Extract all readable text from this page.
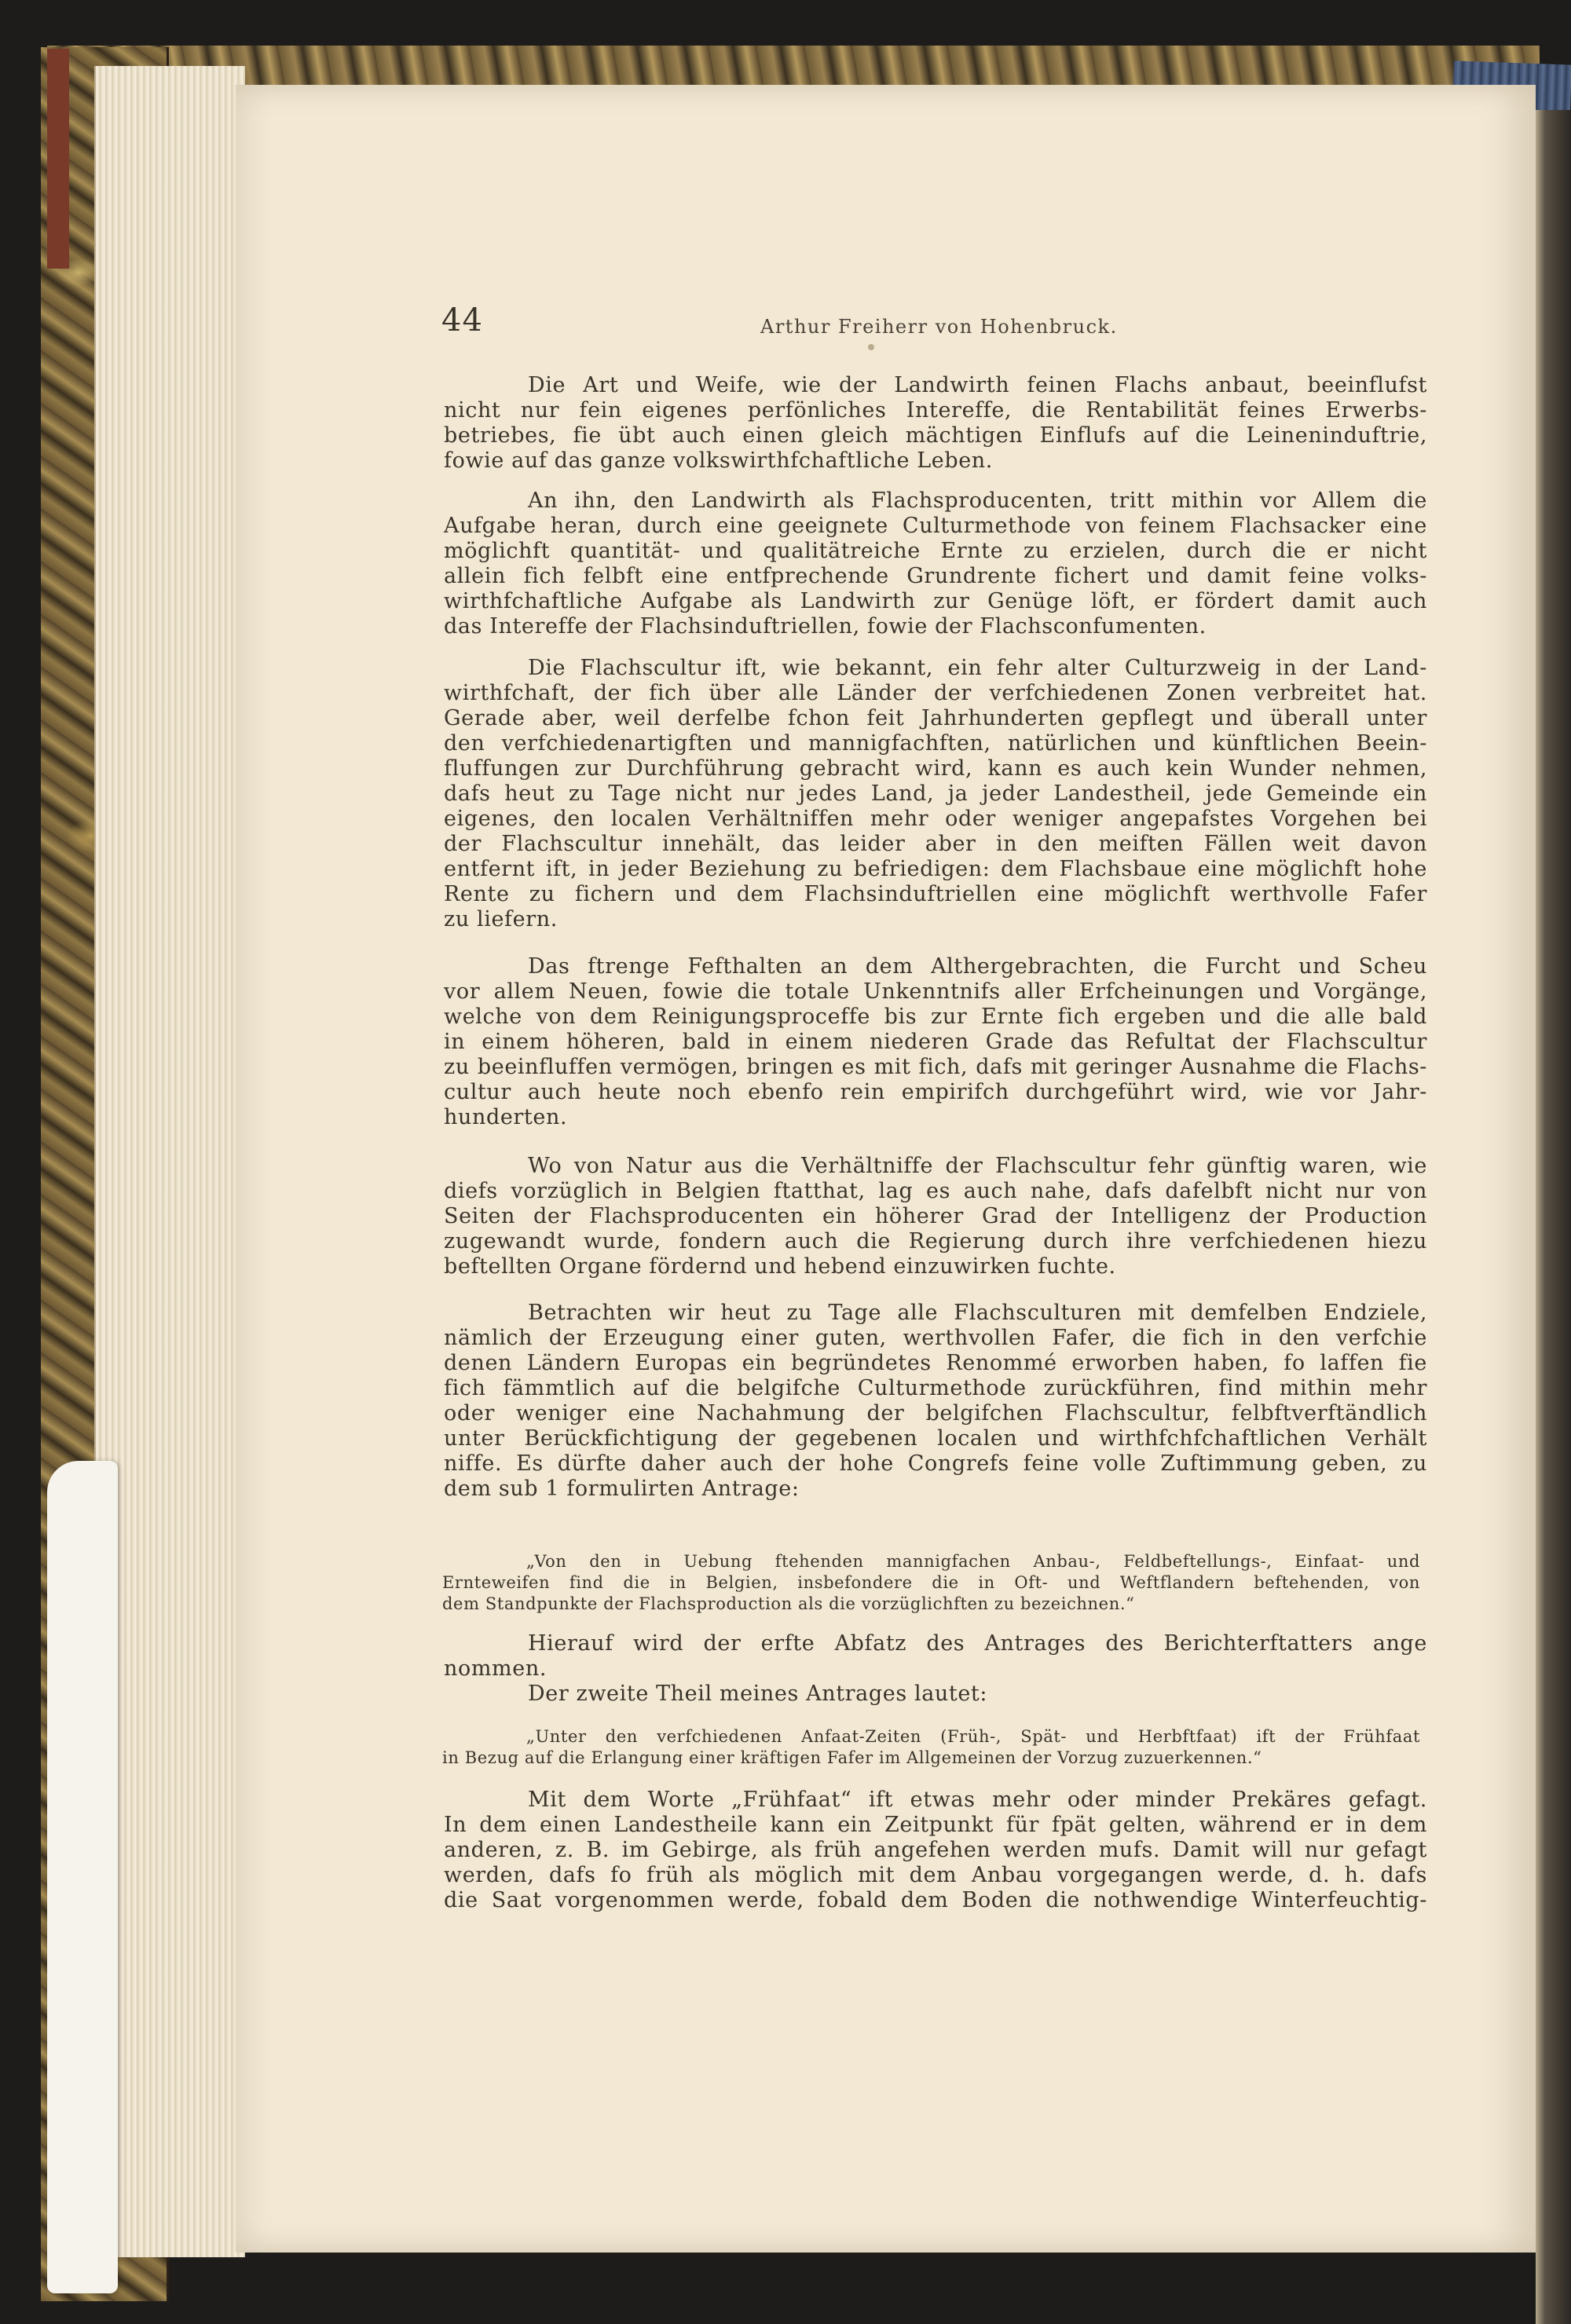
44	Arthur Freiherr von Hohenbruck.
Die Art und Weife, wie der Landwirth feinen Flachs anbaut, beeinflufst
nicht nur fein eigenes perfönliches Intereffe, die Rentabilität feines Erwerbs-
betriebes, fie übt auch einen gleich mächtigen Einflufs auf die Leineninduftrie,
fowie auf das ganze volkswirthfchaftliche Leben.
An ihn, den Landwirth als Flachsproducenten, tritt mithin vor Allem die
Aufgabe heran, durch eine geeignete Culturmethode von feinem Flachsacker eine
möglichft quantität- und qualitätreiche Ernte zu erzielen, durch die er nicht
allein fich felbft eine entfprechende Grundrente fichert und damit feine volks-
wirthfchaftliche Aufgabe als Landwirth zur Genüge löft, er fördert damit auch
das Intereffe der Flachsinduftriellen, fowie der Flachsconfumenten.
Die Flachscultur ift, wie bekannt, ein fehr alter Culturzweig in der Land-
wirthfchaft, der fich über alle Länder der verfchiedenen Zonen verbreitet hat.
Gerade aber, weil derfelbe fchon feit Jahrhunderten gepflegt und überall unter
den verfchiedenartigften und mannigfachften, natürlichen und künftlichen Beein-
fluffungen zur Durchführung gebracht wird, kann es auch kein Wunder nehmen,
dafs heut zu Tage nicht nur jedes Land, ja jeder Landestheil, jede Gemeinde ein
eigenes, den localen Verhältniffen mehr oder weniger angepafstes Vorgehen bei
der Flachscultur innehält, das leider aber in den meiften Fällen weit davon
entfernt ift, in jeder Beziehung zu befriedigen: dem Flachsbaue eine möglichft hohe
Rente zu fichern und dem Flachsinduftriellen eine möglichft werthvolle Fafer
zu liefern.
Das ftrenge Fefthalten an dem Althergebrachten, die Furcht und Scheu
vor allem Neuen, fowie die totale Unkenntnifs aller Erfcheinungen und Vorgänge,
welche von dem Reinigungsproceffe bis zur Ernte fich ergeben und die alle bald
in einem höheren, bald in einem niederen Grade das Refultat der Flachscultur
zu beeinfluffen vermögen, bringen es mit fich, dafs mit geringer Ausnahme die Flachs-
cultur auch heute noch ebenfo rein empirifch durchgeführt wird, wie vor Jahr-
hunderten.
Wo von Natur aus die Verhältniffe der Flachscultur fehr günftig waren, wie
diefs vorzüglich in Belgien ftatthat, lag es auch nahe, dafs dafelbft nicht nur von
Seiten der Flachsproducenten ein höherer Grad der Intelligenz der Production
zugewandt wurde, fondern auch die Regierung durch ihre verfchiedenen hiezu
beftellten Organe fördernd und hebend einzuwirken fuchte.
Betrachten wir heut zu Tage alle Flachsculturen mit demfelben Endziele,
nämlich der Erzeugung einer guten, werthvollen Fafer, die fich in den verfchie
denen Ländern Europas ein begründetes Renommé erworben haben, fo laffen fie
fich fämmtlich auf die belgifche Culturmethode zurückführen, find mithin mehr
oder weniger eine Nachahmung der belgifchen Flachscultur, felbftverftändlich
unter Berückfichtigung der gegebenen localen und wirthfchfchaftlichen Verhält
niffe. Es dürfte daher auch der hohe Congrefs feine volle Zuftimmung geben, zu
dem sub 1 formulirten Antrage:
„Von den in Uebung ftehenden mannigfachen Anbau-, Feldbeftellungs-, Einfaat- und
Ernteweifen find die in Belgien, insbefondere die in Oft- und Weftflandern beftehenden, von
dem Standpunkte der Flachsproduction als die vorzüglichften zu bezeichnen.“
Hierauf wird der erfte Abfatz des Antrages des Berichterftatters ange
nommen.
Der zweite Theil meines Antrages lautet:
„Unter den verfchiedenen Anfaat-Zeiten (Früh-, Spät- und Herbftfaat) ift der Frühfaat
in Bezug auf die Erlangung einer kräftigen Fafer im Allgemeinen der Vorzug zuzuerkennen.“
Mit dem Worte „Frühfaat“ ift etwas mehr oder minder Prekäres gefagt.
In dem einen Landestheile kann ein Zeitpunkt für fpät gelten, während er in dem
anderen, z. B. im Gebirge, als früh angefehen werden mufs. Damit will nur gefagt
werden, dafs fo früh als möglich mit dem Anbau vorgegangen werde, d. h. dafs
die Saat vorgenommen werde, fobald dem Boden die nothwendige Winterfeuchtig-
